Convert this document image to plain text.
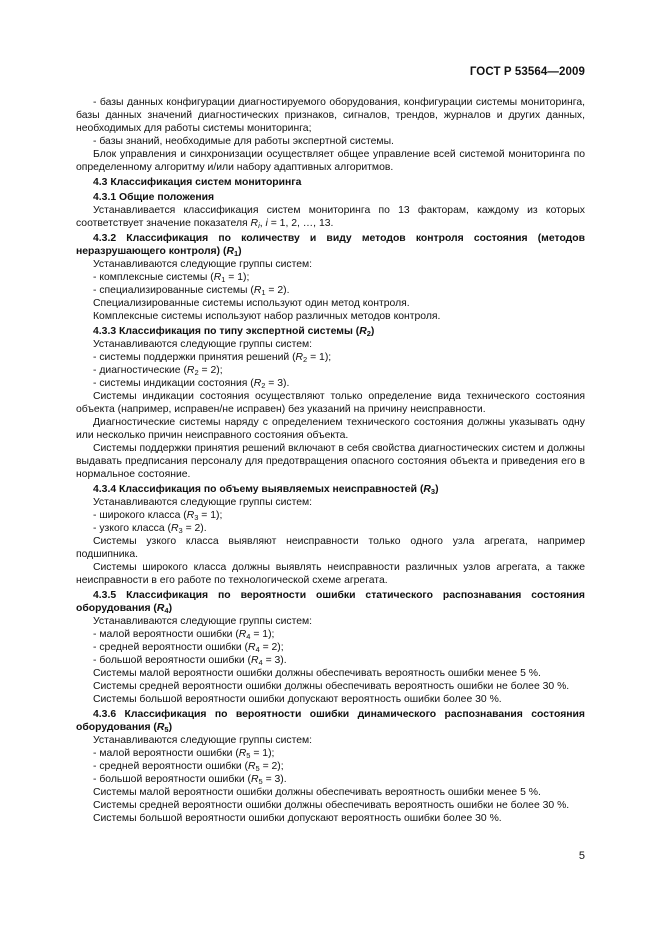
ГОСТ Р 53564—2009

- базы данных конфигурации диагностируемого оборудования, конфигурации системы мониторинга, базы данных значений диагностических признаков, сигналов, трендов, журналов и других данных, необходимых для работы системы мониторинга;

- базы знаний, необходимые для работы экспертной системы.

Блок управления и синхронизации осуществляет общее управление всей системой мониторинга по определенному алгоритму и/или набору адаптивных алгоритмов.

4.3 Классификация систем мониторинга

4.3.1 Общие положения

Устанавливается классификация систем мониторинга по 13 факторам, каждому из которых соответствует значение показателя $R_i$, i = 1, 2, …, 13.

4.3.2 Классификация по количеству и виду методов контроля состояния (методов неразрушающего контроля) $(R_1)$

Устанавливаются следующие группы систем:

- комплексные системы $(R_1 = 1)$;

- специализированные системы $(R_1 = 2)$.

Специализированные системы используют один метод контроля.

Комплексные системы используют набор различных методов контроля.

4.3.3 Классификация по типу экспертной системы $(R_2)$

Устанавливаются следующие группы систем:

- системы поддержки принятия решений $(R_2 = 1)$;

- диагностические $(R_2 = 2)$;

- системы индикации состояния $(R_2 = 3)$.

Системы индикации состояния осуществляют только определение вида технического состояния объекта (например, исправен/не исправен) без указаний на причину неисправности.

Диагностические системы наряду с определением технического состояния должны указывать одну или несколько причин неисправного состояния объекта.

Системы поддержки принятия решений включают в себя свойства диагностических систем и должны выдавать предписания персоналу для предотвращения опасного состояния объекта и приведения его в нормальное состояние.

4.3.4 Классификация по объему выявляемых неисправностей $(R_3)$

Устанавливаются следующие группы систем:

- широкого класса $(R_3 = 1)$;

- узкого класса $(R_3 = 2)$.

Системы узкого класса выявляют неисправности только одного узла агрегата, например подшипника.

Системы широкого класса должны выявлять неисправности различных узлов агрегата, а также неисправности в его работе по технологической схеме агрегата.

4.3.5 Классификация по вероятности ошибки статического распознавания состояния оборудования $(R_4)$

Устанавливаются следующие группы систем:

- малой вероятности ошибки $(R_4 = 1)$;

- средней вероятности ошибки $(R_4 = 2)$;

- большой вероятности ошибки $(R_4 = 3)$.

Системы малой вероятности ошибки должны обеспечивать вероятность ошибки менее 5 %.

Системы средней вероятности ошибки должны обеспечивать вероятность ошибки не более 30 %.

Системы большой вероятности ошибки допускают вероятность ошибки более 30 %.

4.3.6 Классификация по вероятности ошибки динамического распознавания состояния оборудования $(R_5)$

Устанавливаются следующие группы систем:

- малой вероятности ошибки $(R_5 = 1)$;

- средней вероятности ошибки $(R_5 = 2)$;

- большой вероятности ошибки $(R_5 = 3)$.

Системы малой вероятности ошибки должны обеспечивать вероятность ошибки менее 5 %.

Системы средней вероятности ошибки должны обеспечивать вероятность ошибки не более 30 %.

Системы большой вероятности ошибки допускают вероятность ошибки более 30 %.

5
